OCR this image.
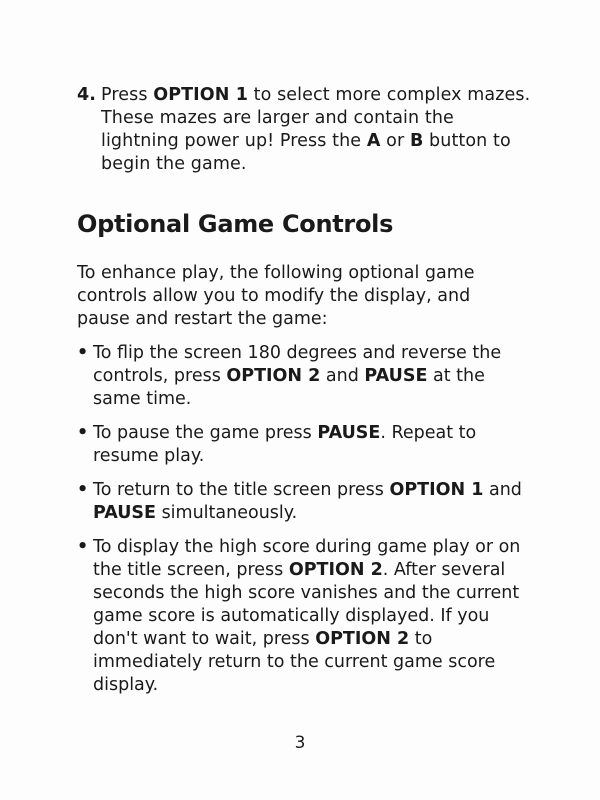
4. Press OPTION 1 to select more complex mazes. These mazes are larger and contain the lightning power up! Press the A or B button to begin the game.
Optional Game Controls

To enhance play, the following optional game controls allow you to modify the display, and pause and restart the game:

• To flip the screen 180 degrees and reverse the controls, press OPTION 2 and PAUSE at the same time.
• To pause the game press PAUSE. Repeat to resume play.
• To return to the title screen press OPTION 1 and PAUSE simultaneously.
• To display the high score during game play or on the title screen, press OPTION 2. After several seconds the high score vanishes and the current game score is automatically displayed. If you don't want to wait, press OPTION 2 to immediately return to the current game score display.
3
